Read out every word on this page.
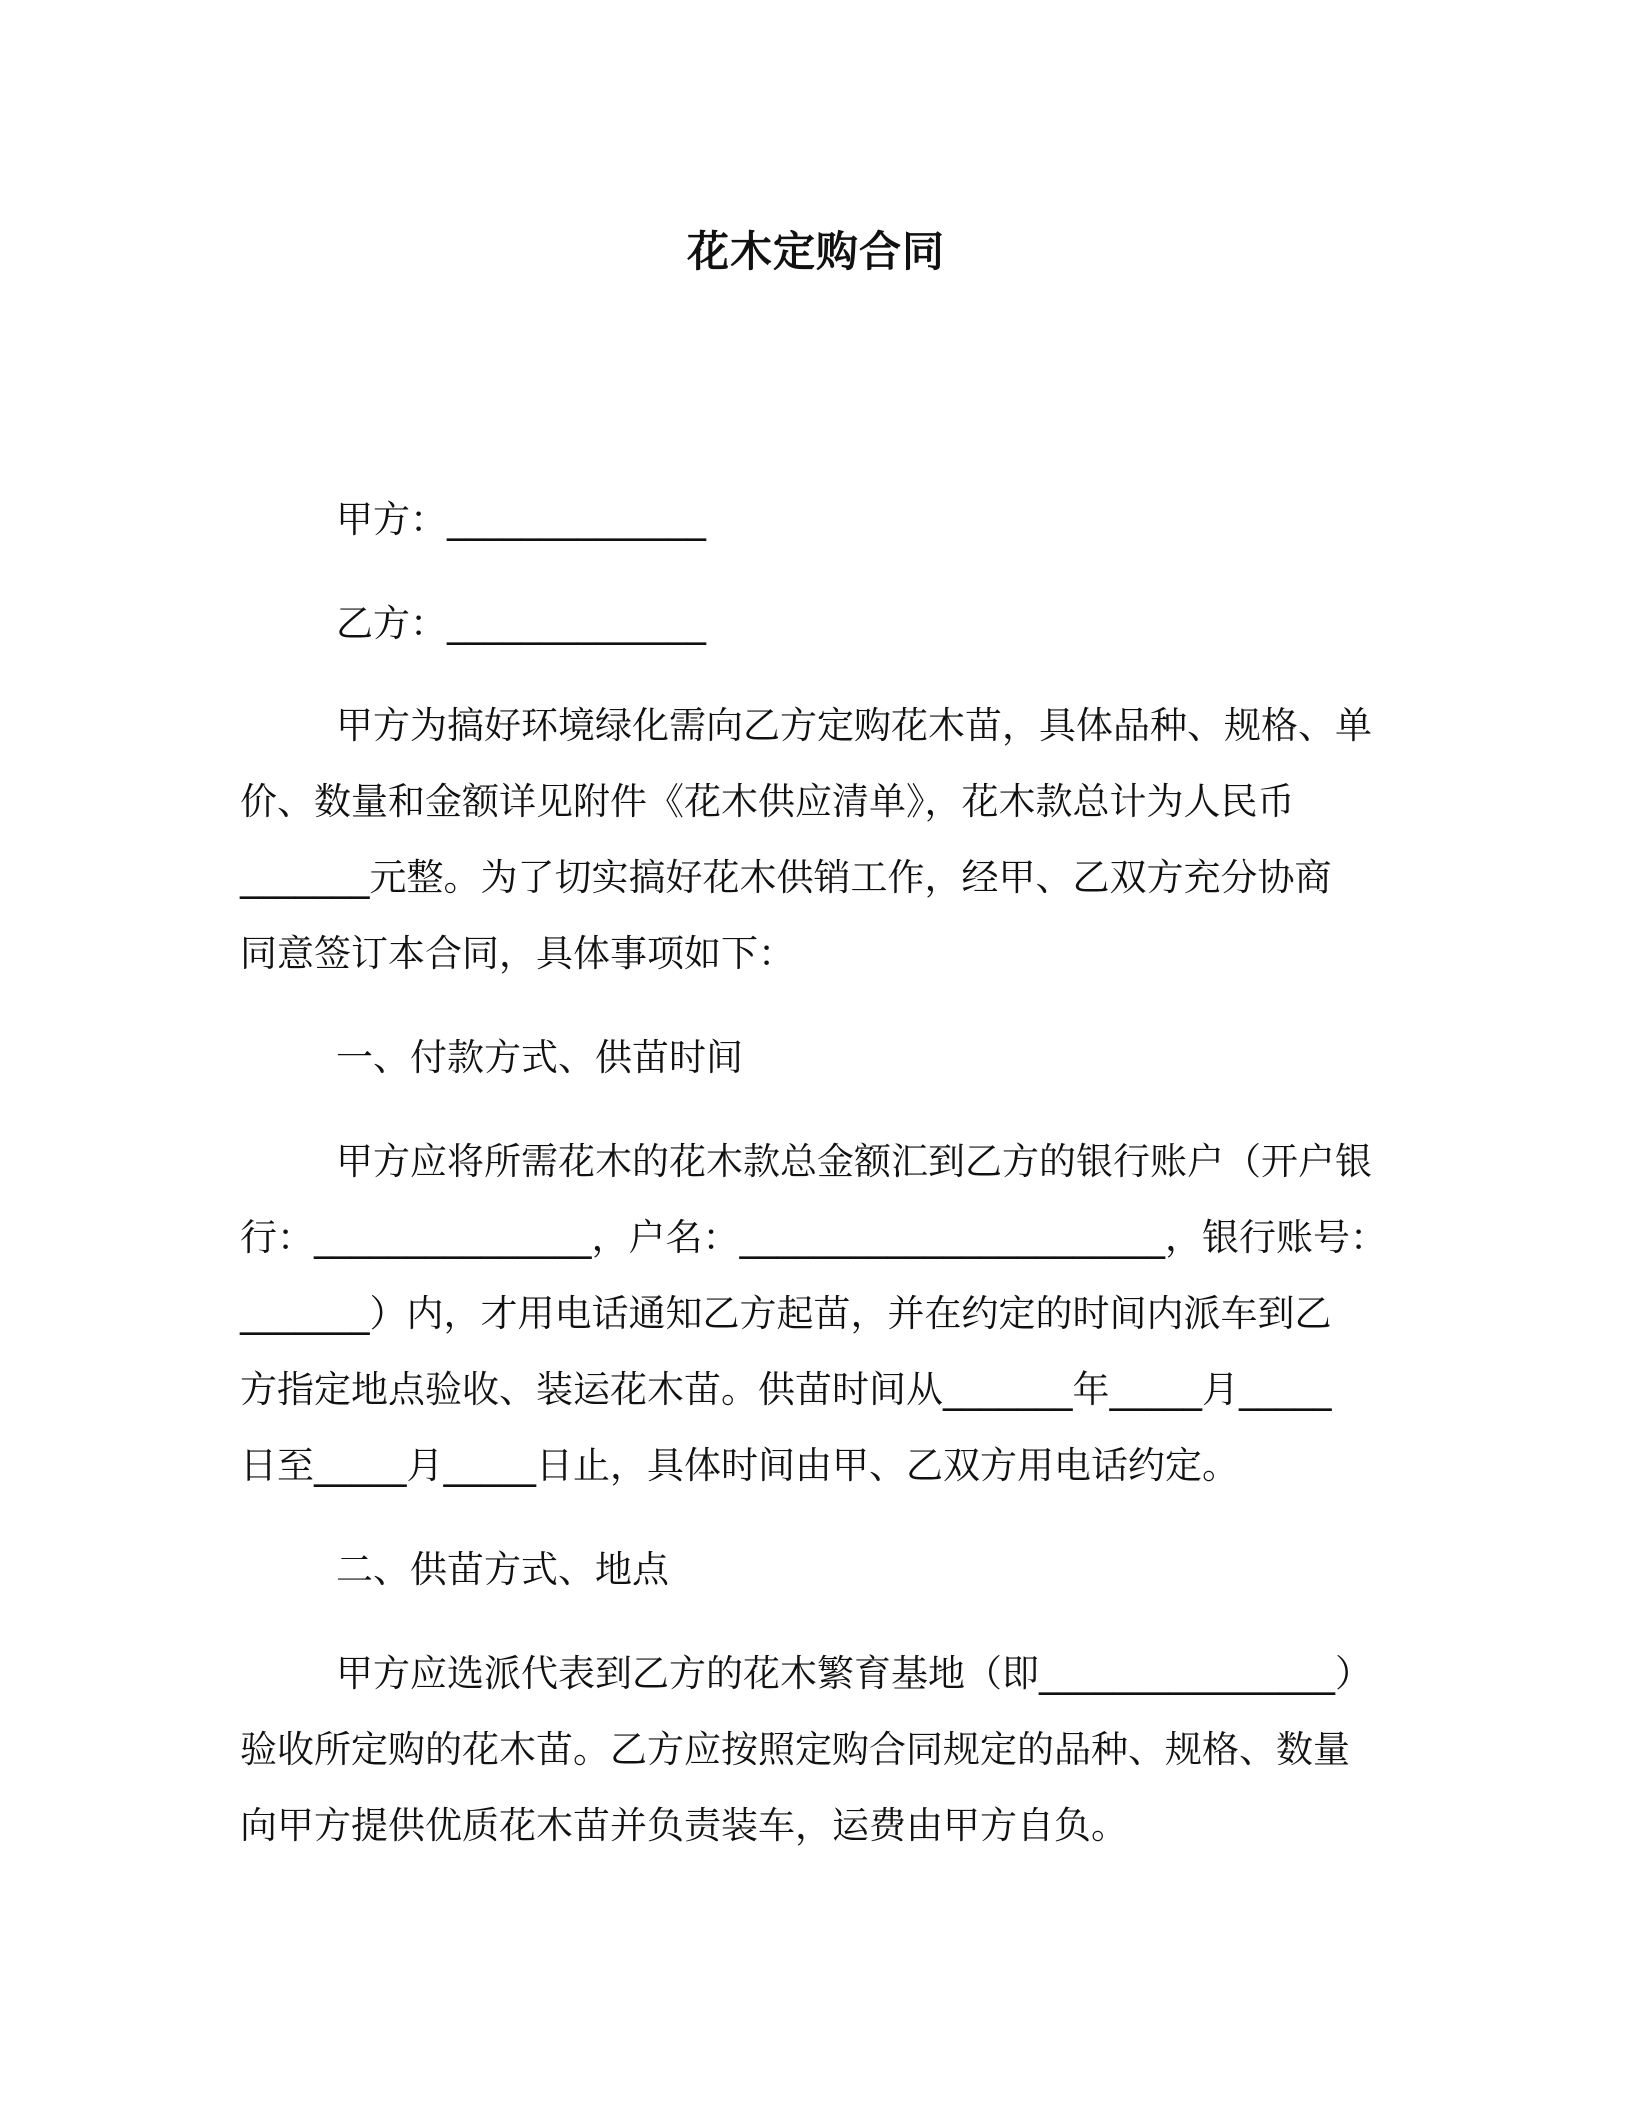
花木定购合同
甲方：______________
乙方：______________
甲方为搞好环境绿化需向乙方定购花木苗，具体品种、规格、单
价、数量和金额详见附件《花木供应清单》，花木款总计为人民币
_______元整。为了切实搞好花木供销工作，经甲、乙双方充分协商
同意签订本合同，具体事项如下：
一、付款方式、供苗时间
甲方应将所需花木的花木款总金额汇到乙方的银行账户（开户银
行：_______________，户名：_______________________，银行账号：
_______）内，才用电话通知乙方起苗，并在约定的时间内派车到乙
方指定地点验收、装运花木苗。供苗时间从_______年_____月_____
日至_____月_____日止，具体时间由甲、乙双方用电话约定。
二、供苗方式、地点
甲方应选派代表到乙方的花木繁育基地（即________________）
验收所定购的花木苗。乙方应按照定购合同规定的品种、规格、数量
向甲方提供优质花木苗并负责装车，运费由甲方自负。
